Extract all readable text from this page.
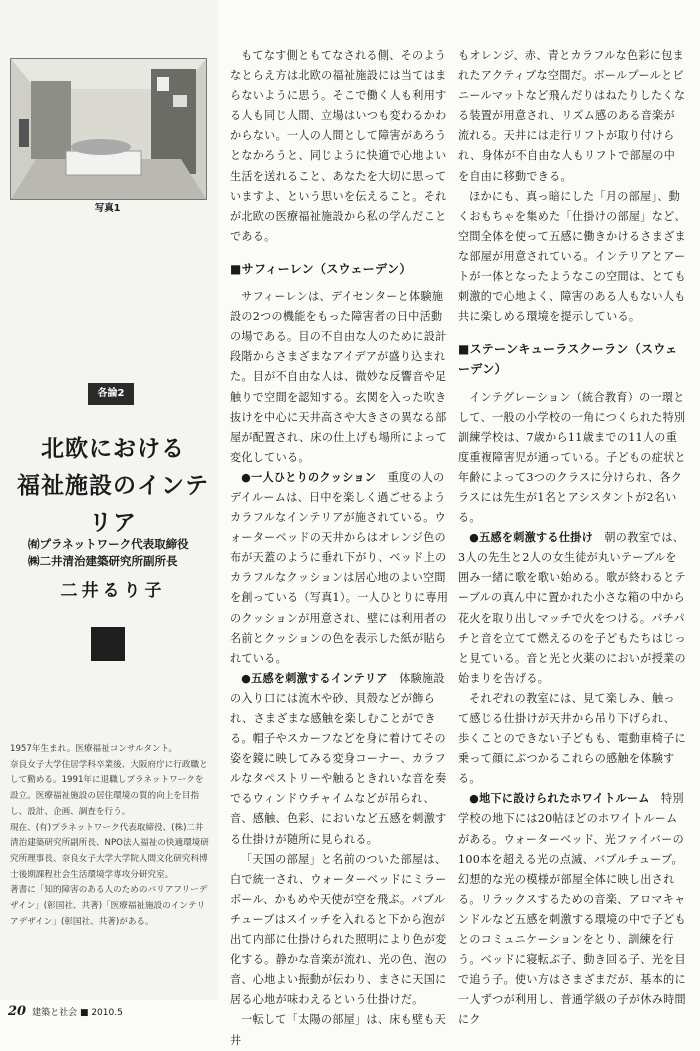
写真1
各論2
北欧における
福祉施設のインテリア
㈲プラネットワーク代表取締役
㈱二井清治建築研究所副所長
二井るり子

1957年生まれ。医療福祉コンサルタント。

奈良女子大学住居学科卒業後、大阪府庁に行政職として勤める。1991年に退職しプラネットワークを設立。医療福祉施設の居住環境の質的向上を目指し、設計、企画、調査を行う。

現在、(有)プラネットワーク代表取締役、(株)二井清治建築研究所副所長、NPO法人福祉の快適環境研究所理事長、奈良女子大学大学院人間文化研究科博士後期課程社会生活環境学専攻分研究室。

著書に「知的障害のある人のためのバリアフリーデザイン」(彰国社、共著)「医療福祉施設のインテリアデザイン」(彰国社、共著)がある。

もてなす側ともてなされる側、そのようなとらえ方は北欧の福祉施設には当てはまらないように思う。そこで働く人も利用する人も同じ人間、立場はいつも変わるかわからない。一人の人間として障害があろうとなかろうと、同じように快適で心地よい生活を送れること、あなたを大切に思っていますよ、という思いを伝えること。それが北欧の医療福祉施設から私の学んだことである。

■サフィーレン（スウェーデン）

サフィーレンは、デイセンターと体験施設の2つの機能をもった障害者の日中活動の場である。目の不自由な人のために設計段階からさまざまなアイデアが盛り込まれた。目が不自由な人は、微妙な反響音や足触りで空間を認知する。玄関を入った吹き抜けを中心に天井高さや大きさの異なる部屋が配置され、床の仕上げも場所によって変化している。

●一人ひとりのクッション　重度の人のデイルームは、日中を楽しく過ごせるようカラフルなインテリアが施されている。ウォーターベッドの天井からはオレンジ色の布が天蓋のように垂れ下がり、ベッド上のカラフルなクッションは居心地のよい空間を創っている（写真1）。一人ひとりに専用のクッションが用意され、壁には利用者の名前とクッションの色を表示した紙が貼られている。

●五感を刺激するインテリア　体験施設の入り口には流木や砂、貝殻などが飾られ、さまざまな感触を楽しむことができる。帽子やスカーフなどを身に着けてその姿を鏡に映してみる変身コーナー、カラフルなタペストリーや触るときれいな音を奏でるウィンドウチャイムなどが吊られ、音、感触、色彩、においなど五感を刺激する仕掛けが随所に見られる。

「天国の部屋」と名前のついた部屋は、白で統一され、ウォーターベッドにミラーボール、かもめや天使が空を飛ぶ。バブルチューブはスイッチを入れると下から泡が出て内部に仕掛けられた照明により色が変化する。静かな音楽が流れ、光の色、泡の音、心地よい振動が伝わり、まさに天国に居る心地が味わえるという仕掛けだ。

一転して「太陽の部屋」は、床も壁も天井

もオレンジ、赤、青とカラフルな色彩に包まれたアクティブな空間だ。ボールプールとビニールマットなど飛んだりはねたりしたくなる装置が用意され、リズム感のある音楽が流れる。天井には走行リフトが取り付けられ、身体が不自由な人もリフトで部屋の中を自由に移動できる。

ほかにも、真っ暗にした「月の部屋」、動くおもちゃを集めた「仕掛けの部屋」など、空間全体を使って五感に働きかけるさまざまな部屋が用意されている。インテリアとアートが一体となったようなこの空間は、とても刺激的で心地よく、障害のある人もない人も共に楽しめる環境を提示している。

■ステーンキューラスクーラン（スウェーデン）

インテグレーション（統合教育）の一環として、一般の小学校の一角につくられた特別訓練学校は、7歳から11歳までの11人の重度重複障害児が通っている。子どもの症状と年齢によって3つのクラスに分けられ、各クラスには先生が1名とアシスタントが2名いる。

●五感を刺激する仕掛け　朝の教室では、3人の先生と2人の女生徒が丸いテーブルを囲み一緒に歌を歌い始める。歌が終わるとテーブルの真ん中に置かれた小さな箱の中から花火を取り出しマッチで火をつける。パチパチと音を立てて燃えるのを子どもたちはじっと見ている。音と光と火薬のにおいが授業の始まりを告げる。

それぞれの教室には、見て楽しみ、触って感じる仕掛けが天井から吊り下げられ、歩くことのできない子どもも、電動車椅子に乗って顔にぶつかるこれらの感触を体験する。

●地下に設けられたホワイトルーム　特別学校の地下には20帖ほどのホワイトルームがある。ウォーターベッド、光ファイバーの100本を超える光の点滅、バブルチューブ。幻想的な光の模様が部屋全体に映し出される。リラックスするための音楽、アロマキャンドルなど五感を刺激する環境の中で子どもとのコミュニケーションをとり、訓練を行う。ベッドに寝転ぶ子、動き回る子、光を目で追う子。使い方はさまざまだが、基本的に一人ずつが利用し、普通学級の子が休み時間にク

20 建築と社会 ■ 2010.5
